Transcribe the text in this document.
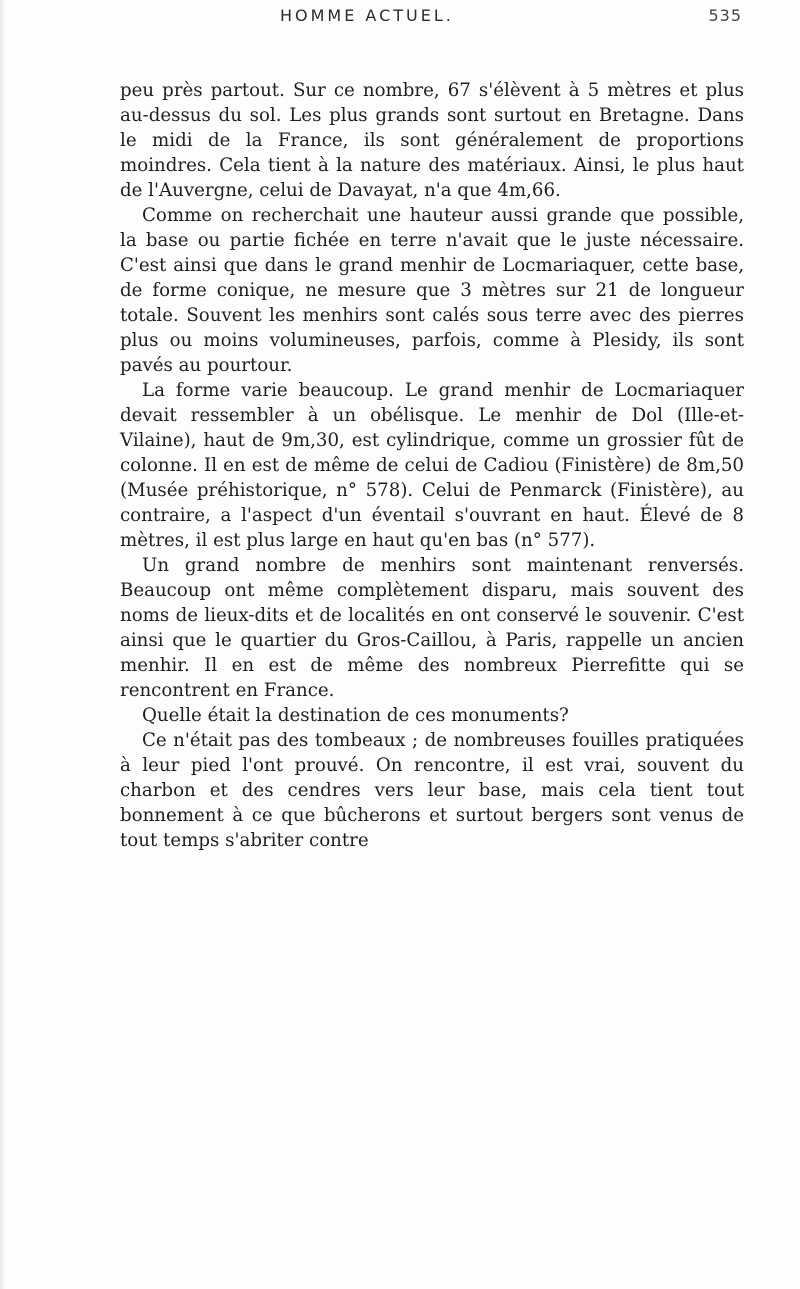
HOMME ACTUEL.	535

peu près partout. Sur ce nombre, 67 s'élèvent à 5 mètres et plus au-dessus du sol. Les plus grands sont surtout en Bretagne. Dans le midi de la France, ils sont généralement de proportions moindres. Cela tient à la nature des matériaux. Ainsi, le plus haut de l'Auvergne, celui de Davayat, n'a que 4m,66.

Comme on recherchait une hauteur aussi grande que possible, la base ou partie fichée en terre n'avait que le juste nécessaire. C'est ainsi que dans le grand menhir de Locmariaquer, cette base, de forme conique, ne mesure que 3 mètres sur 21 de longueur totale. Souvent les menhirs sont calés sous terre avec des pierres plus ou moins volumineuses, parfois, comme à Plesidy, ils sont pavés au pourtour.

La forme varie beaucoup. Le grand menhir de Locmariaquer devait ressembler à un obélisque. Le menhir de Dol (Ille-et-Vilaine), haut de 9m,30, est cylindrique, comme un grossier fût de colonne. Il en est de même de celui de Cadiou (Finistère) de 8m,50 (Musée préhistorique, n° 578). Celui de Penmarck (Finistère), au contraire, a l'aspect d'un éventail s'ouvrant en haut. Élevé de 8 mètres, il est plus large en haut qu'en bas (n° 577).

Un grand nombre de menhirs sont maintenant renversés. Beaucoup ont même complètement disparu, mais souvent des noms de lieux-dits et de localités en ont conservé le souvenir. C'est ainsi que le quartier du Gros-Caillou, à Paris, rappelle un ancien menhir. Il en est de même des nombreux Pierrefitte qui se rencontrent en France.

Quelle était la destination de ces monuments?

Ce n'était pas des tombeaux ; de nombreuses fouilles pratiquées à leur pied l'ont prouvé. On rencontre, il est vrai, souvent du charbon et des cendres vers leur base, mais cela tient tout bonnement à ce que bûcherons et surtout bergers sont venus de tout temps s'abriter contre
